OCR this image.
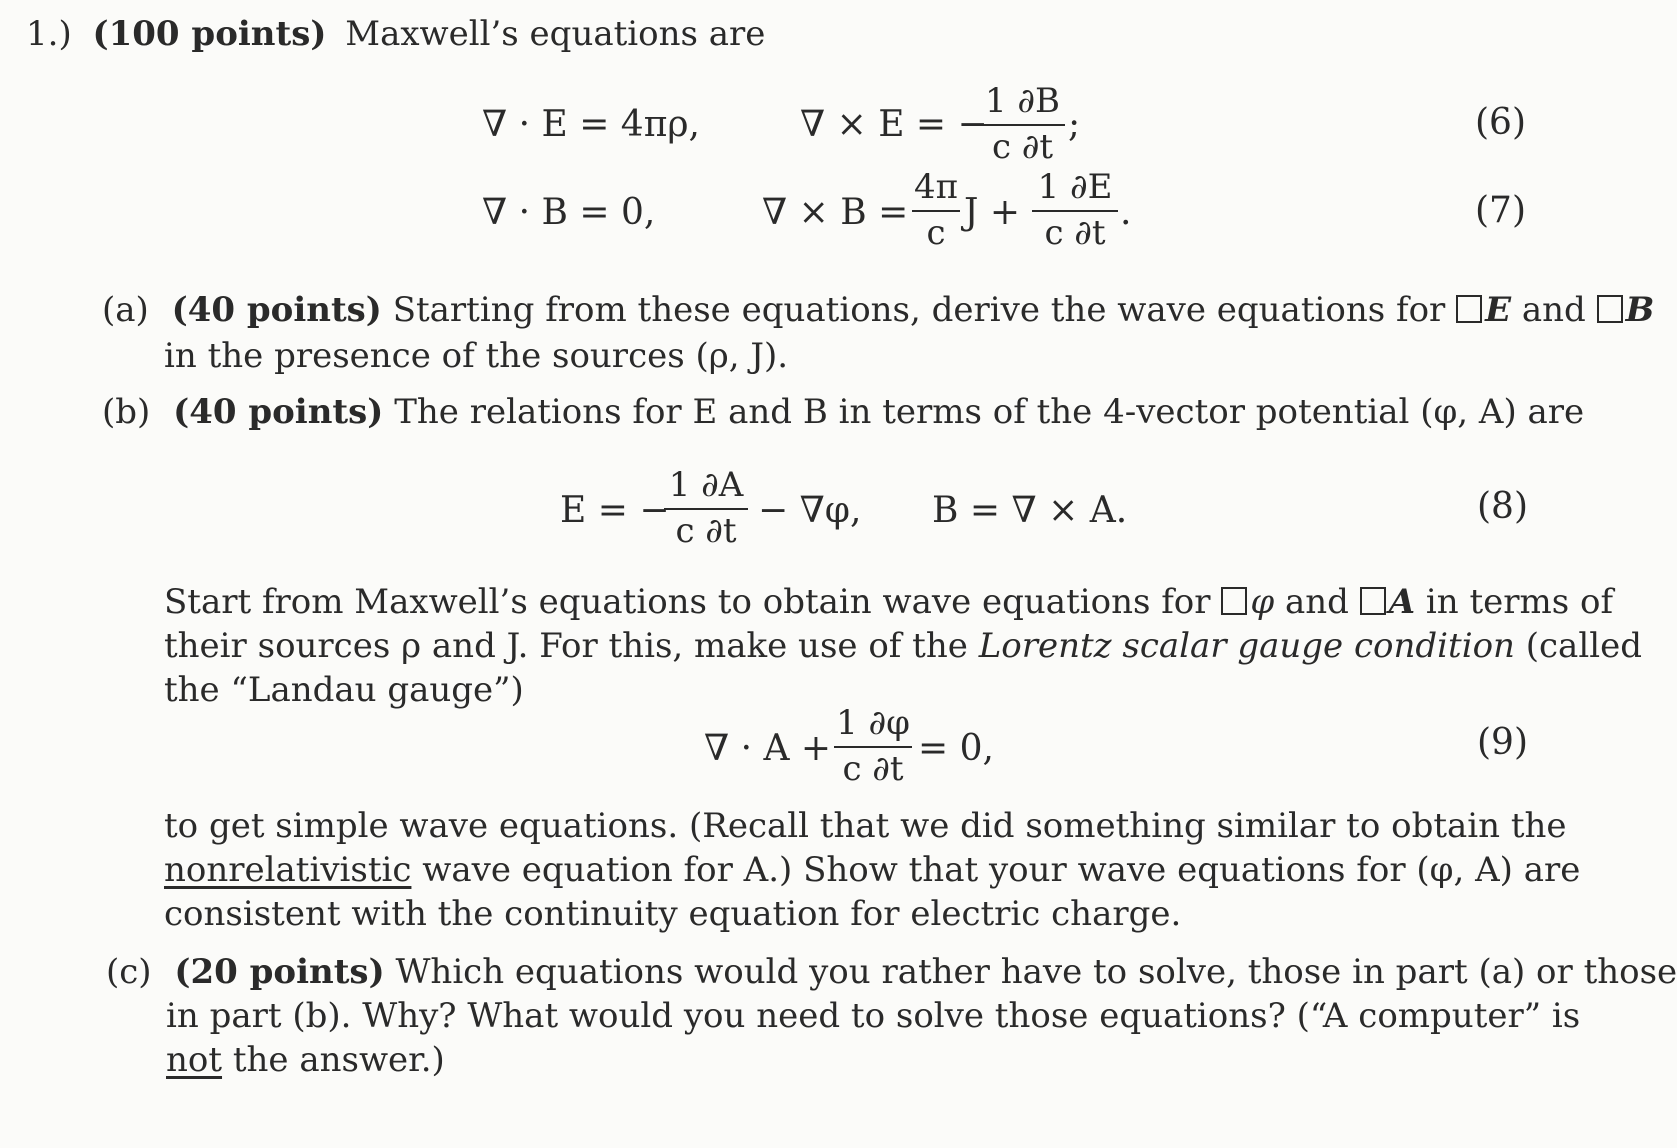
1.) (100 points) Maxwell’s equations are
∇ · E = 4πρ,	∇ × E = −
1 ∂B
c ∂t
;	(6)
∇ · B = 0,	∇ × B =
4π
c J +
1 ∂E
c ∂t .	(7)
(a) (40 points) Starting from these equations, derive the wave equations for E and B
in the presence of the sources (ρ, J).
(b) (40 points) The relations for E and B in terms of the 4-vector potential (φ, A) are
E = −
1 ∂A
c ∂t − ∇φ, B = ∇ × A.	(8)
Start from Maxwell’s equations to obtain wave equations for φ and A in terms of
their sources ρ and J. For this, make use of the Lorentz scalar gauge condition (called
the “Landau gauge”)
∇ · A +
1 ∂φ
c ∂t = 0,	(9)
to get simple wave equations. (Recall that we did something similar to obtain the
nonrelativistic wave equation for A.) Show that your wave equations for (φ, A) are
consistent with the continuity equation for electric charge.
(c) (20 points) Which equations would you rather have to solve, those in part (a) or those
in part (b). Why? What would you need to solve those equations? (“A computer” is
not the answer.)
